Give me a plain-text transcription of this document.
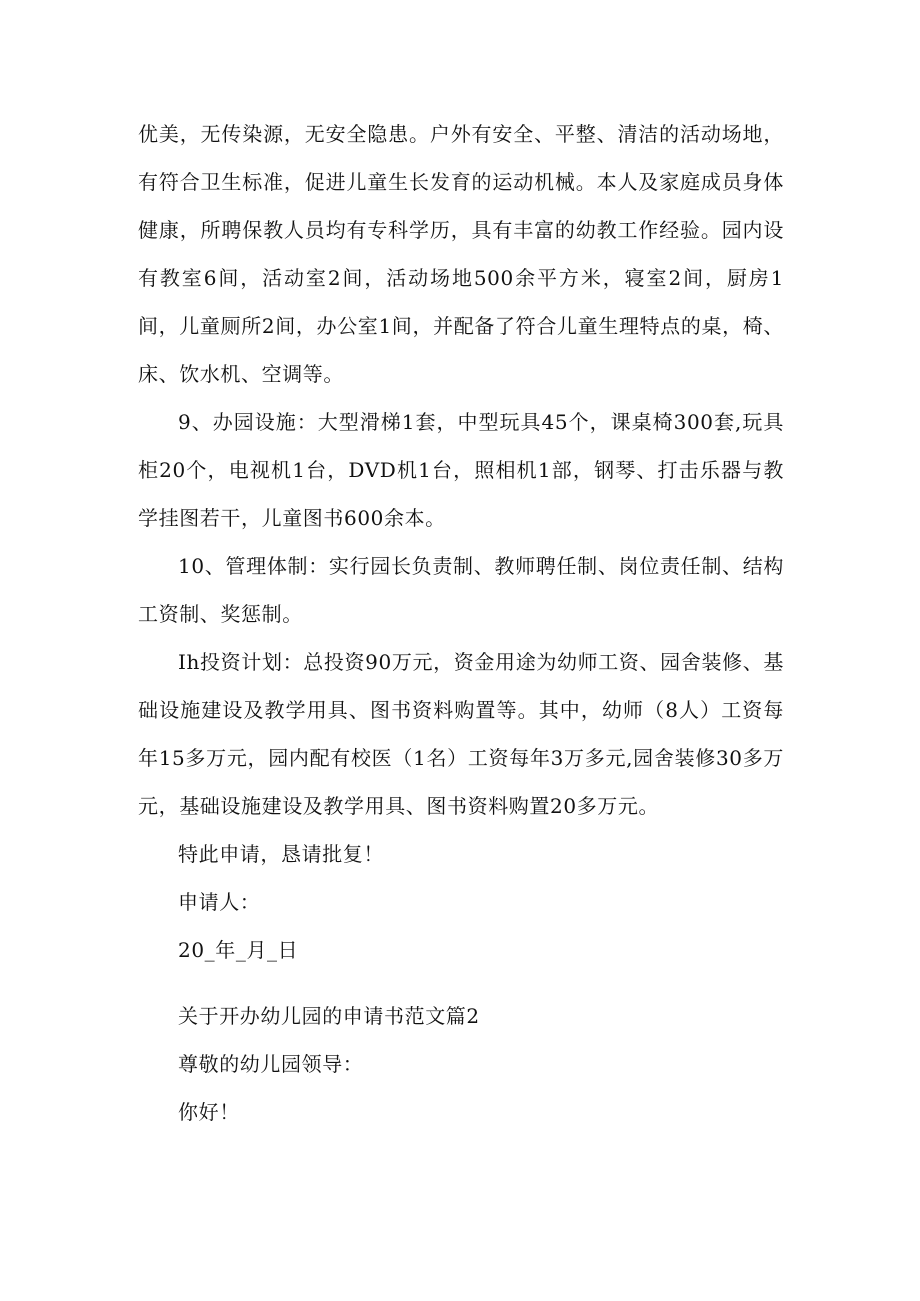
优美，无传染源，无安全隐患。户外有安全、平整、清洁的活动场地，有符合卫生标准，促进儿童生长发育的运动机械。本人及家庭成员身体健康，所聘保教人员均有专科学历，具有丰富的幼教工作经验。园内设有教室6间，活动室2间，活动场地500余平方米，寝室2间，厨房1间，儿童厕所2间，办公室1间，并配备了符合儿童生理特点的桌，椅、床、饮水机、空调等。

9、办园设施：大型滑梯1套，中型玩具45个，课桌椅300套,玩具柜20个，电视机1台，DVD机1台，照相机1部，钢琴、打击乐器与教学挂图若干，儿童图书600余本。

10、管理体制：实行园长负责制、教师聘任制、岗位责任制、结构工资制、奖惩制。

Ih投资计划：总投资90万元，资金用途为幼师工资、园舍装修、基础设施建设及教学用具、图书资料购置等。其中，幼师（8人）工资每年15多万元，园内配有校医（1名）工资每年3万多元,园舍装修30多万元，基础设施建设及教学用具、图书资料购置20多万元。

特此申请，恳请批复！

申请人：

20_年_月_日

关于开办幼儿园的申请书范文篇2

尊敬的幼儿园领导：

你好！
